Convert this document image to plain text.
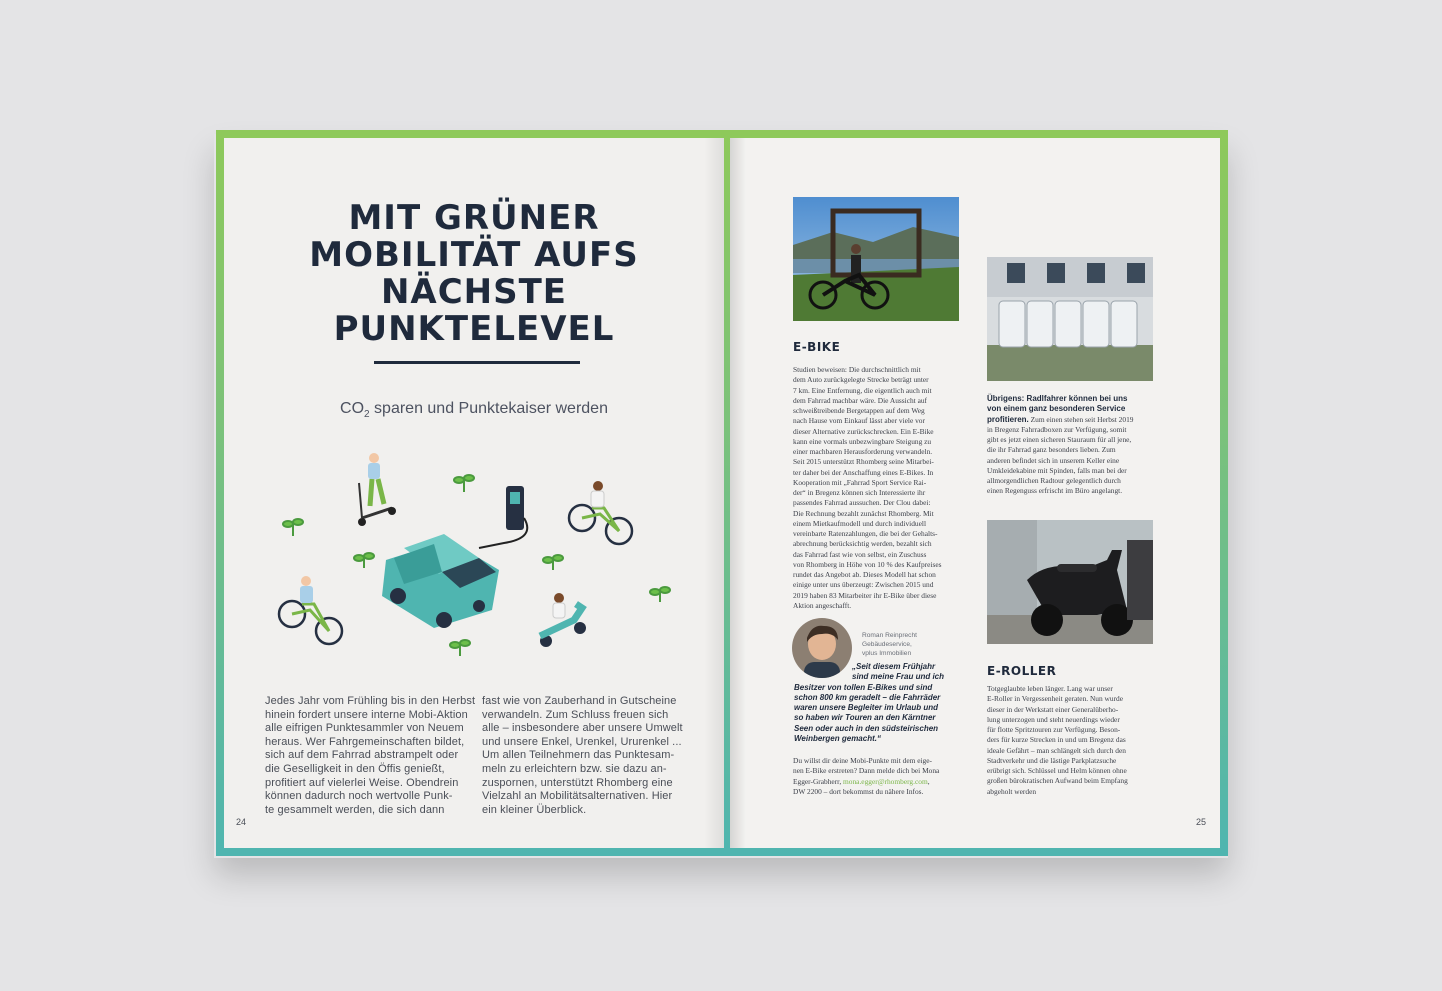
MIT GRÜNER
MOBILITÄT AUFS
NÄCHSTE
PUNKTELEVEL
$CO_2$ sparen und Punktekaiser werden
Jedes Jahr vom Frühling bis in den Herbst
hinein fordert unsere interne Mobi-Aktion
alle eifrigen Punktesammler von Neuem
heraus. Wer Fahrgemeinschaften bildet,
sich auf dem Fahrrad abstrampelt oder
die Geselligkeit in den Öffis genießt,
profitiert auf vielerlei Weise. Obendrein
können dadurch noch wertvolle Punk-
te gesammelt werden, die sich dann
fast wie von Zauberhand in Gutscheine
verwandeln. Zum Schluss freuen sich
alle – insbesondere aber unsere Umwelt
und unsere Enkel, Urenkel, Ururenkel ...
Um allen Teilnehmern das Punktesam-
meln zu erleichtern bzw. sie dazu an-
zuspornen, unterstützt Rhomberg eine
Vielzahl an Mobilitätsalternativen. Hier
ein kleiner Überblick.
24
E-BIKE
Studien beweisen: Die durchschnittlich mit
dem Auto zurückgelegte Strecke beträgt unter
7 km. Eine Entfernung, die eigentlich auch mit
dem Fahrrad machbar wäre. Die Aussicht auf
schweißtreibende Bergetappen auf dem Weg
nach Hause vom Einkauf lässt aber viele vor
dieser Alternative zurückschrecken. Ein E-Bike
kann eine vormals unbezwingbare Steigung zu
einer machbaren Herausforderung verwandeln.
Seit 2015 unterstützt Rhomberg seine Mitarbei-
ter daher bei der Anschaffung eines E-Bikes. In
Kooperation mit „Fahrrad Sport Service Rai-
der“ in Bregenz können sich Interessierte ihr
passendes Fahrrad aussuchen. Der Clou dabei:
Die Rechnung bezahlt zunächst Rhomberg. Mit
einem Mietkaufmodell und durch individuell
vereinbarte Ratenzahlungen, die bei der Gehalts-
abrechnung berücksichtig werden, bezahlt sich
das Fahrrad fast wie von selbst, ein Zuschuss
von Rhomberg in Höhe von 10 % des Kaufpreises
rundet das Angebot ab. Dieses Modell hat schon
einige unter uns überzeugt: Zwischen 2015 und
2019 haben 83 Mitarbeiter ihr E-Bike über diese
Aktion angeschafft.
Roman Reinprecht
Gebäudeservice,
vplus Immobilien
„Seit diesem Frühjahr
sind meine Frau und ich
Besitzer von tollen E-Bikes und sind
schon 800 km geradelt – die Fahrräder
waren unsere Begleiter im Urlaub und
so haben wir Touren an den Kärntner
Seen oder auch in den südsteirischen
Weinbergen gemacht.“
Du willst dir deine Mobi-Punkte mit dem eige-
nen E-Bike erstreten? Dann melde dich bei Mona
Egger-Grabherr, mona.egger@rhomberg.com,
DW 2200 – dort bekommst du nähere Infos.
Übrigens: Radlfahrer können bei uns
von einem ganz besonderen Service
profitieren. Zum einen stehen seit Herbst 2019
in Bregenz Fahrradboxen zur Verfügung, somit
gibt es jetzt einen sicheren Stauraum für all jene,
die ihr Fahrrad ganz besonders lieben. Zum
anderen befindet sich in unserem Keller eine
Umkleidekabine mit Spinden, falls man bei der
allmorgendlichen Radtour gelegentlich durch
einen Regenguss erfrischt im Büro angelangt.
E-ROLLER
Totgeglaubte leben länger. Lang war unser
E-Roller in Vergessenheit geraten. Nun wurde
dieser in der Werkstatt einer Generalüberho-
lung unterzogen und steht neuerdings wieder
für flotte Spritztouren zur Verfügung. Beson-
ders für kurze Strecken in und um Bregenz das
ideale Gefährt – man schlängelt sich durch den
Stadtverkehr und die lästige Parkplatzsuche
erübrigt sich. Schlüssel und Helm können ohne
großen bürokratischen Aufwand beim Empfang
abgeholt werden
25
